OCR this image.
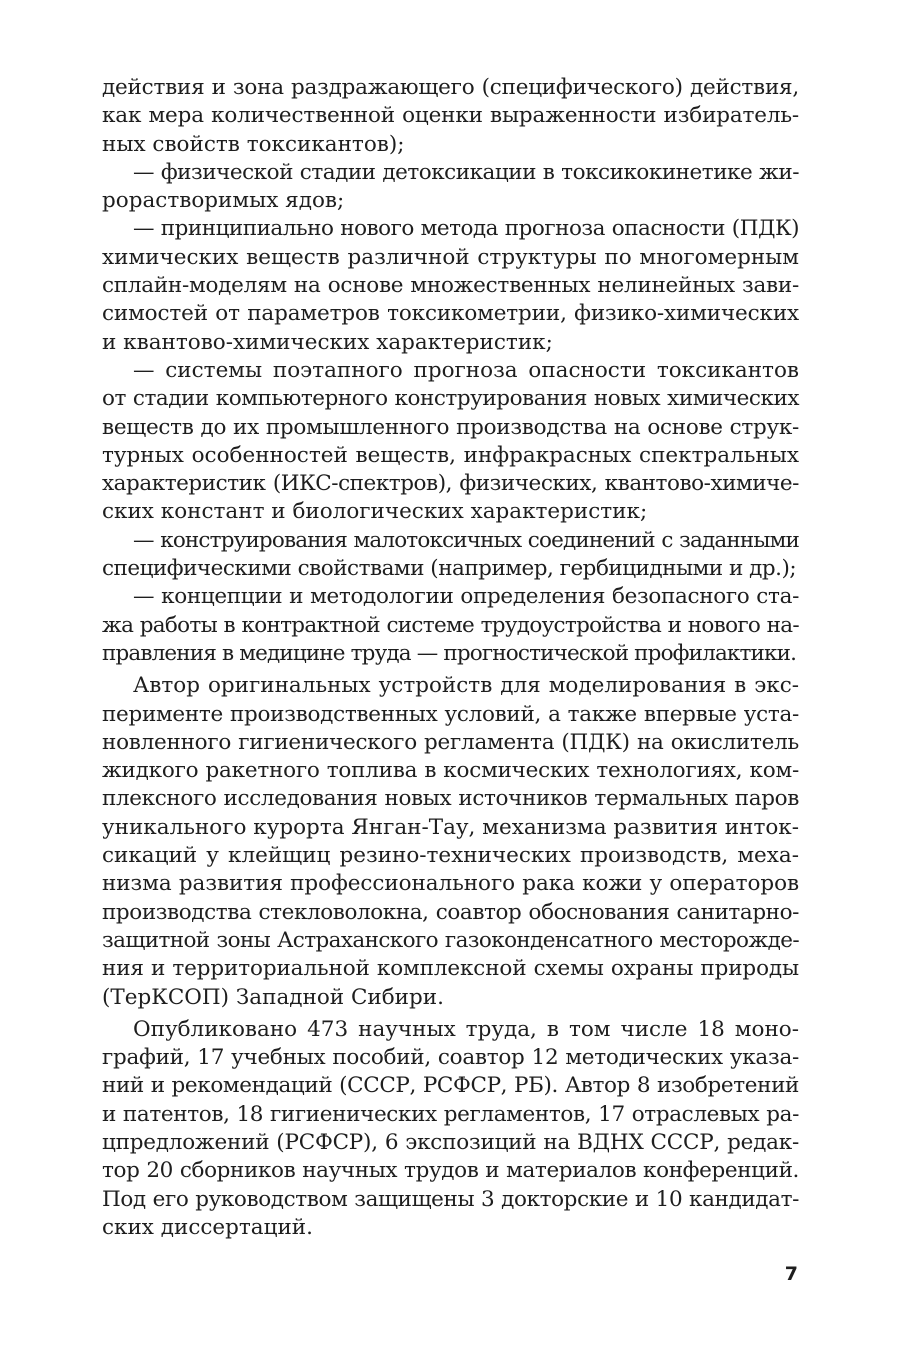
действия и зона раздражающего (специфического) действия,
как мера количественной оценки выраженности избиратель-
ных свойств токсикантов);
— физической стадии детоксикации в токсикокинетике жи-
рорастворимых ядов;
— принципиально нового метода прогноза опасности (ПДК)
химических веществ различной структуры по многомерным
сплайн-моделям на основе множественных нелинейных зави-
симостей от параметров токсикометрии, физико-химических
и квантово-химических характеристик;
— системы поэтапного прогноза опасности токсикантов
от стадии компьютерного конструирования новых химических
веществ до их промышленного производства на основе струк-
турных особенностей веществ, инфракрасных спектральных
характеристик (ИКС-спектров), физических, квантово-химиче-
ских констант и биологических характеристик;
— конструирования малотоксичных соединений с заданными
специфическими свойствами (например, гербицидными и др.);
— концепции и методологии определения безопасного ста-
жа работы в контрактной системе трудоустройства и нового на-
правления в медицине труда — прогностической профилактики.
Автор оригинальных устройств для моделирования в экс-
перименте производственных условий, а также впервые уста-
новленного гигиенического регламента (ПДК) на окислитель
жидкого ракетного топлива в космических технологиях, ком-
плексного исследования новых источников термальных паров
уникального курорта Янган-Тау, механизма развития инток-
сикаций у клейщиц резино-технических производств, меха-
низма развития профессионального рака кожи у операторов
производства стекловолокна, соавтор обоснования санитарно-
защитной зоны Астраханского газоконденсатного месторожде-
ния и территориальной комплексной схемы охраны природы
(ТерКСОП) Западной Сибири.
Опубликовано 473 научных труда, в том числе 18 моно-
графий, 17 учебных пособий, соавтор 12 методических указа-
ний и рекомендаций (СССР, РСФСР, РБ). Автор 8 изобретений
и патентов, 18 гигиенических регламентов, 17 отраслевых ра-
цпредложений (РСФСР), 6 экспозиций на ВДНХ СССР, редак-
тор 20 сборников научных трудов и материалов конференций.
Под его руководством защищены 3 докторские и 10 кандидат-
ских диссертаций.
7
